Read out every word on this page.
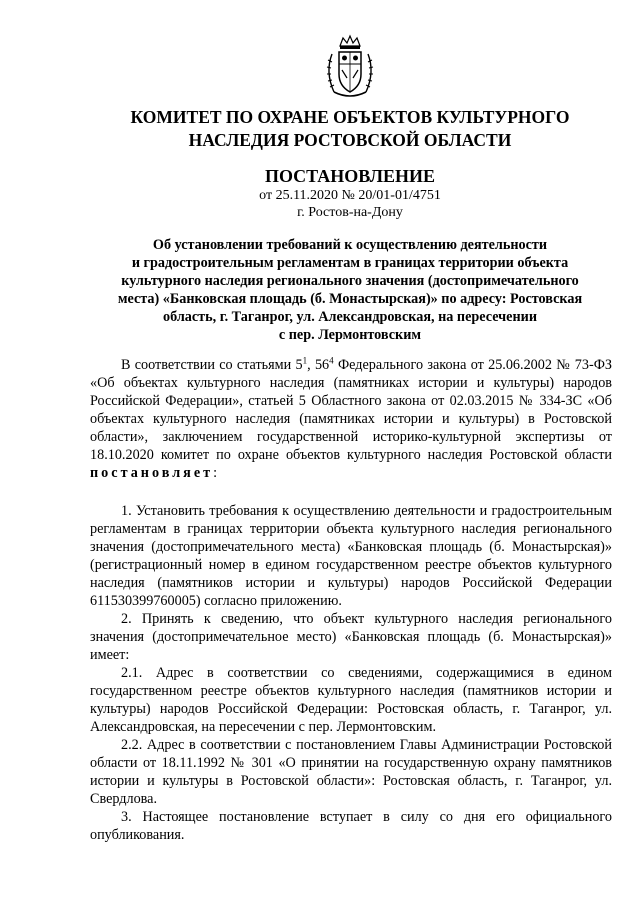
КОМИТЕТ ПО ОХРАНЕ ОБЪЕКТОВ КУЛЬТУРНОГО
НАСЛЕДИЯ РОСТОВСКОЙ ОБЛАСТИ
ПОСТАНОВЛЕНИЕ
от 25.11.2020 № 20/01-01/4751
г. Ростов-на-Дону
Об установлении требований к осуществлению деятельности
и градостроительным регламентам в границах территории объекта
культурного наследия регионального значения (достопримечательного
места) «Банковская площадь (б. Монастырская)» по адресу: Ростовская
область, г. Таганрог, ул. Александровская, на пересечении
с пер. Лермонтовским

В соответствии со статьями $5^1$, $56^4$ Федерального закона от 25.06.2002 № 73-ФЗ «Об объектах культурного наследия (памятниках истории и культуры) народов Российской Федерации», статьей 5 Областного закона от 02.03.2015 № 334-ЗС «Об объектах культурного наследия (памятниках истории и культуры) в Ростовской области», заключением государственной историко-культурной экспертизы от 18.10.2020 комитет по охране объектов культурного наследия Ростовской области постановляет:

1. Установить требования к осуществлению деятельности и градостроительным регламентам в границах территории объекта культурного наследия регионального значения (достопримечательного места) «Банковская площадь (б. Монастырская)» (регистрационный номер в едином государственном реестре объектов культурного наследия (памятников истории и культуры) народов Российской Федерации 611530399760005) согласно приложению.

2. Принять к сведению, что объект культурного наследия регионального значения (достопримечательное место) «Банковская площадь (б. Монастырская)» имеет:

2.1. Адрес в соответствии со сведениями, содержащимися в едином государственном реестре объектов культурного наследия (памятников истории и культуры) народов Российской Федерации: Ростовская область, г. Таганрог, ул. Александровская, на пересечении с пер. Лермонтовским.

2.2. Адрес в соответствии с постановлением Главы Администрации Ростовской области от 18.11.1992 № 301 «О принятии на государственную охрану памятников истории и культуры в Ростовской области»: Ростовская область, г. Таганрог, ул. Свердлова.

3. Настоящее постановление вступает в силу со дня его официального опубликования.
